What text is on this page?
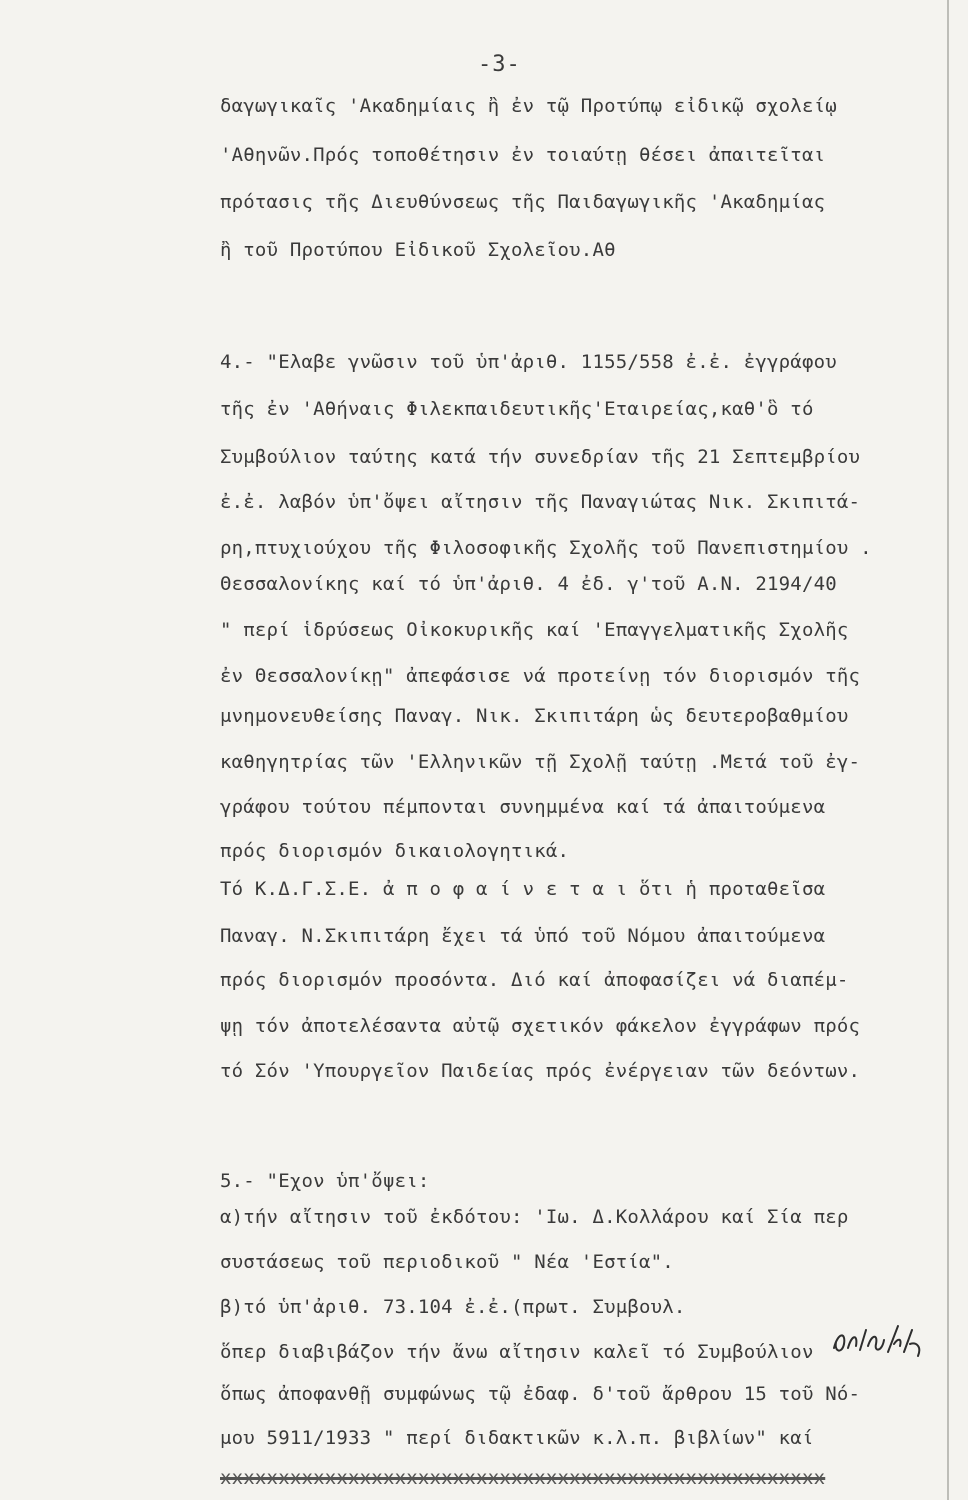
-3-
δαγωγικαῖς 'Ακαδημίαις ἢ ἐν τῷ Προτύπῳ εἰδικῷ σχολείῳ
'Αθηνῶν.Πρός τοποθέτησιν ἐν τοιαύτῃ θέσει ἀπαιτεῖται
πρότασις τῆς Διευθύνσεως τῆς Παιδαγωγικῆς 'Ακαδημίας
ἢ τοῦ Προτύπου Εἰδικοῦ Σχολεῖου.Αθ
4.- "Ελαβε γνῶσιν τοῦ ὑπ'ἀριθ. 1155/558 ἐ.ἐ. ἐγγράφου
τῆς ἐν 'Αθήναις Φιλεκπαιδευτικῆς'Εταιρείας,καθ'ὃ τό
Συμβούλιον ταύτης κατά τήν συνεδρίαν τῆς 21 Σεπτεμβρίου
ἐ.ἐ. λαβόν ὑπ'ὄψει αἴτησιν τῆς Παναγιώτας Νικ. Σκιπιτά-
ρη,πτυχιούχου τῆς Φιλοσοφικῆς Σχολῆς τοῦ Πανεπιστημίου .
Θεσσαλονίκης καί τό ὑπ'ἀριθ. 4 ἐδ. γ'τοῦ Α.Ν. 2194/40
" περί ἱδρύσεως Οἰκοκυρικῆς καί 'Επαγγελματικῆς Σχολῆς
ἐν Θεσσαλονίκῃ" ἀπεφάσισε νά προτείνῃ τόν διορισμόν τῆς
μνημονευθείσης Παναγ. Νικ. Σκιπιτάρη ὡς δευτεροβαθμίου
καθηγητρίας τῶν 'Ελληνικῶν τῇ Σχολῇ ταύτῃ .Μετά τοῦ ἐγ-
γράφου τούτου πέμπονται συνημμένα καί τά ἀπαιτούμενα
πρός διορισμόν δικαιολογητικά.
Τό Κ.Δ.Γ.Σ.Ε. ἀ π ο φ α ί ν ε τ α ι ὅτι ἡ προταθεῖσα
Παναγ. Ν.Σκιπιτάρη ἔχει τά ὑπό τοῦ Νόμου ἀπαιτούμενα
πρός διορισμόν προσόντα. Διό καί ἀποφασίζει νά διαπέμ-
ψῃ τόν ἀποτελέσαντα αὐτῷ σχετικόν φάκελον ἐγγράφων πρός
τό Σόν 'Υπουργεῖον Παιδείας πρός ἐνέργειαν τῶν δεόντων.
5.- "Εχον ὑπ'ὄψει:
α)τήν αἴτησιν τοῦ ἐκδότου: 'Ιω. Δ.Κολλάρου καί Σία περ
συστάσεως τοῦ περιοδικοῦ " Νέα 'Εστία".
β)τό ὑπ'ἀριθ. 73.104 ἐ.ἐ.(πρωτ. Συμβουλ.
ὅπερ διαβιβάζον τήν ἄνω αἴτησιν καλεῖ τό Συμβούλιον
ὅπως ἀποφανθῇ συμφώνως τῷ ἐδαφ. δ'τοῦ ἄρθρου 15 τοῦ Νό-
μου 5911/1933 " περί διδακτικῶν κ.λ.π. βιβλίων" καί
xxxxxxxxxxxxxxxxxxxxxxxxxxxxxxxxxxxxxxxxxxxxxxxxxxxx
